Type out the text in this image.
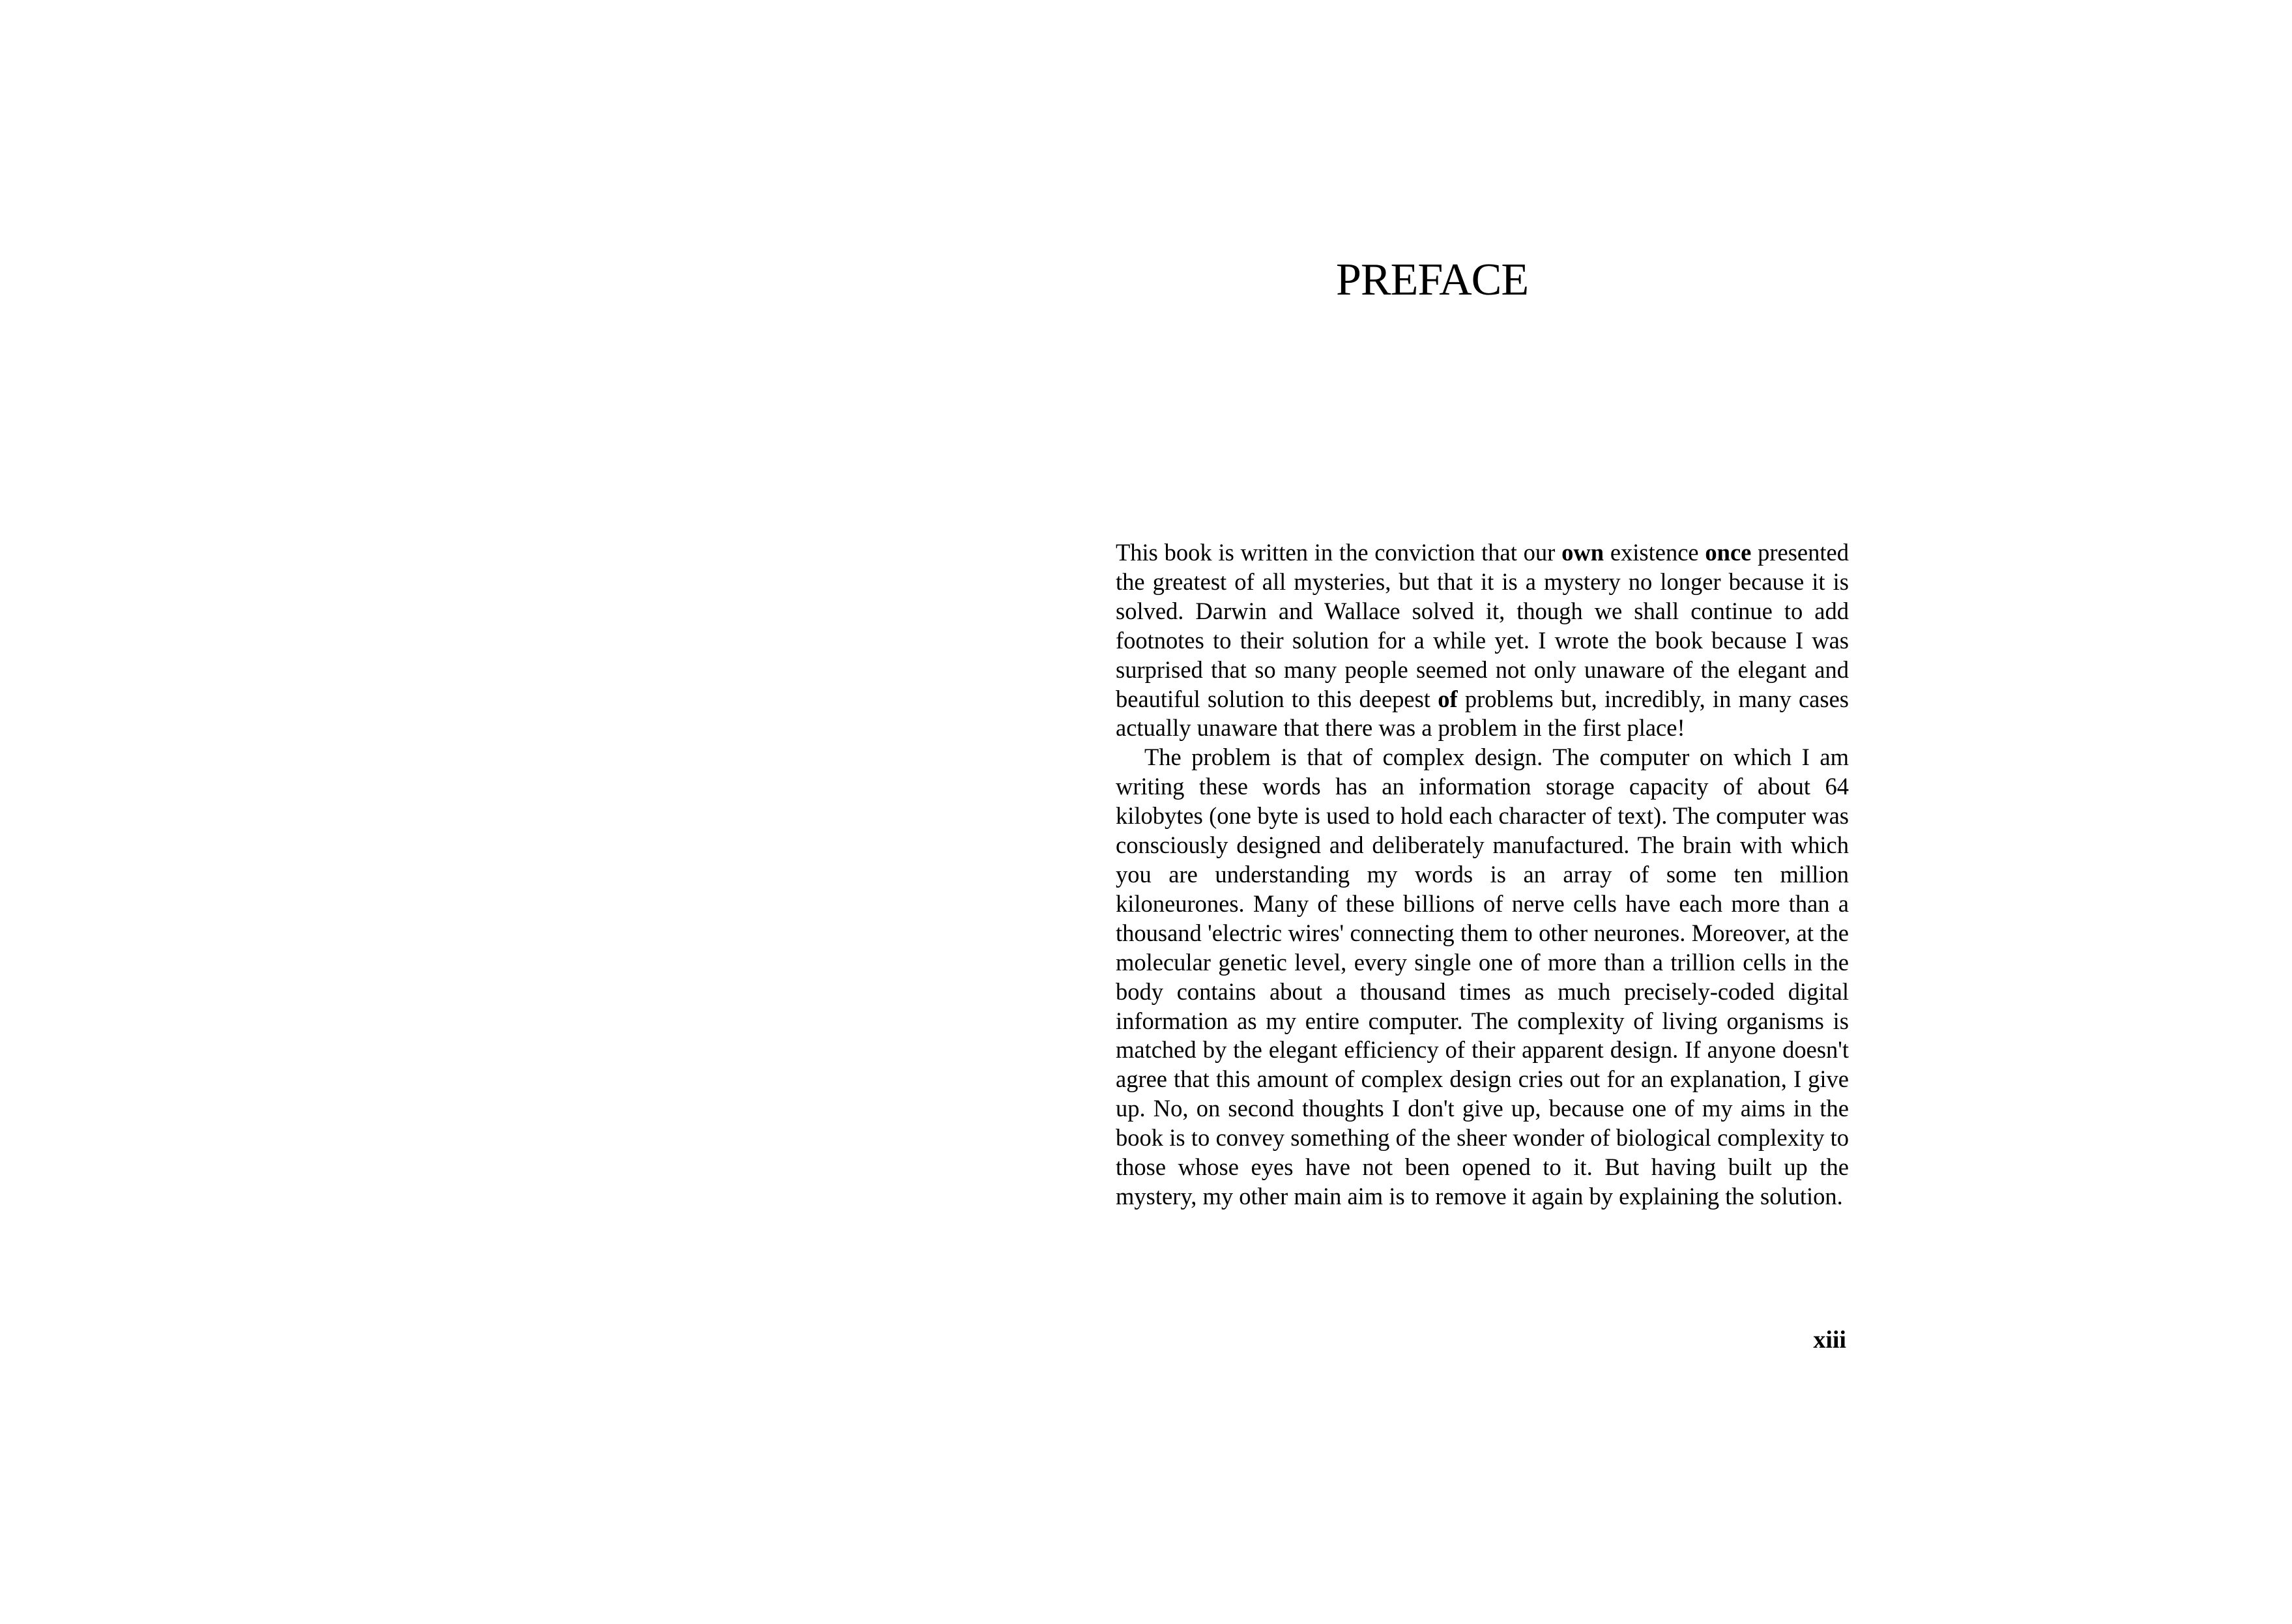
PREFACE

This book is written in the conviction that our own existence once presented the greatest of all mysteries, but that it is a mystery no longer because it is solved. Darwin and Wallace solved it, though we shall continue to add footnotes to their solution for a while yet. I wrote the book because I was surprised that so many people seemed not only unaware of the elegant and beautiful solution to this deepest of problems but, incredibly, in many cases actually unaware that there was a problem in the first place!

The problem is that of complex design. The computer on which I am writing these words has an information storage capacity of about 64 kilobytes (one byte is used to hold each character of text). The computer was consciously designed and deliberately manufactured. The brain with which you are understanding my words is an array of some ten million kiloneurones. Many of these billions of nerve cells have each more than a thousand 'electric wires' connecting them to other neurones. Moreover, at the molecular genetic level, every single one of more than a trillion cells in the body contains about a thousand times as much precisely-coded digital information as my entire computer. The complexity of living organisms is matched by the elegant efficiency of their apparent design. If anyone doesn't agree that this amount of complex design cries out for an explanation, I give up. No, on second thoughts I don't give up, because one of my aims in the book is to convey something of the sheer wonder of biological complexity to those whose eyes have not been opened to it. But having built up the mystery, my other main aim is to remove it again by explaining the solution.

xiii
